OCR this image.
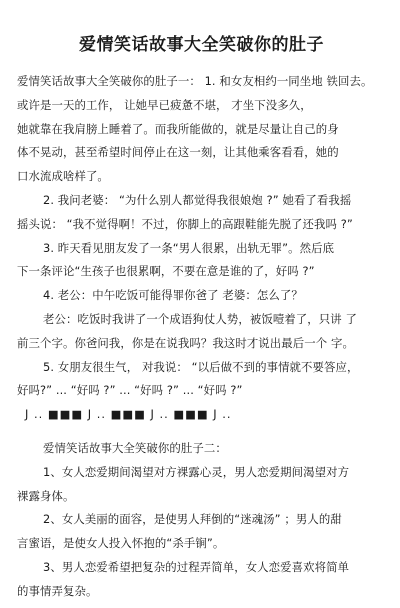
爱情笑话故事大全笑破你的肚子
爱情笑话故事大全笑破你的肚子一： 1. 和女友相约一同坐地 铁回去。
或许是一天的工作， 让她早已疲惫不堪， 才坐下没多久，
她就靠在我肩膀上睡着了。而我所能做的，就是尽量让自己的身
体不晃动，甚至希望时间停止在这一刻，让其他乘客看看，她的
口水流成啥样了。
2. 我问老婆： “为什么别人都觉得我很娘炮 ?” 她看了看我摇
摇头说： “我不觉得啊！不过，你脚上的高跟鞋能先脱了还我吗 ?”
3. 昨天看见朋友发了一条“男人很累，出轨无罪”。然后底
下一条评论“生孩子也很累啊，不要在意是谁的了，好吗 ?”
4. 老公：中午吃饭可能得罪你爸了 老婆：怎么了？
老公：吃饭时我讲了一个成语狗仗人势，被饭噎着了，只讲 了
前三个字。你爸问我，你是在说我吗？我这时才说出最后一个 字。
5. 女朋友很生气， 对我说： “以后做不到的事情就不要答应，
好吗?” ... “好吗 ?” ... “好吗 ?” ... “好吗 ?”
J .. ■■■ J .. ■■■ J .. ■■■ J ..
爱情笑话故事大全笑破你的肚子二：
1、女人恋爱期间渴望对方裸露心灵，男人恋爱期间渴望对方
裸露身体。
2、女人美丽的面容，是使男人拜倒的“迷魂汤” ；男人的甜
言蜜语，是使女人投入怀抱的“杀手锏”。
3、男人恋爱希望把复杂的过程弄简单，女人恋爱喜欢将简单
的事情弄复杂。
